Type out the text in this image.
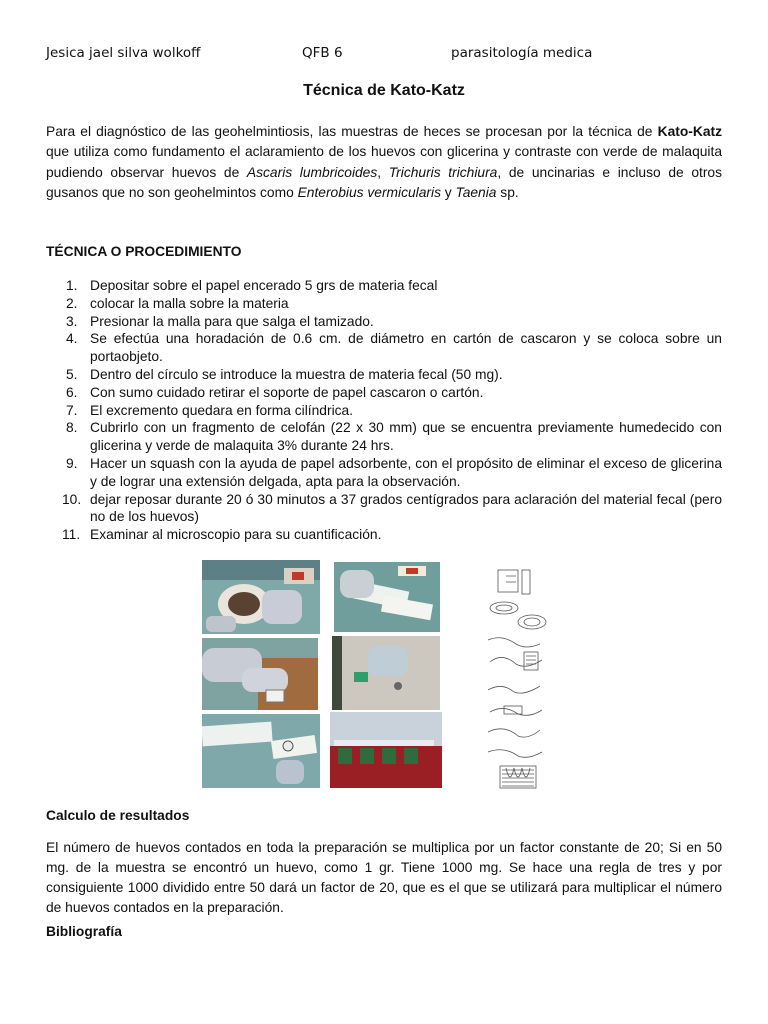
Jesica jael silva wolkoff	QFB 6	parasitología medica
Técnica de Kato-Katz

Para el diagnóstico de las geohelmintiosis, las muestras de heces se procesan por la técnica de Kato-Katz que utiliza como fundamento el aclaramiento de los huevos con glicerina y contraste con verde de malaquita pudiendo observar huevos de Ascaris lumbricoides, Trichuris trichiura, de uncinarias e incluso de otros gusanos que no son geohelmintos como Enterobius vermicularis y Taenia sp.

TÉCNICA O PROCEDIMIENTO
1. Depositar sobre el papel encerado 5 grs de materia fecal
2. colocar la malla sobre la materia
3. Presionar la malla para que salga el tamizado.
4. Se efectúa una horadación de 0.6 cm. de diámetro en cartón de cascaron y se coloca sobre un portaobjeto.
5. Dentro del círculo se introduce la muestra de materia fecal (50 mg).
6. Con sumo cuidado retirar el soporte de papel cascaron o cartón.
7. El excremento quedara en forma cilíndrica.
8. Cubrirlo con un fragmento de celofán (22 x 30 mm) que se encuentra previamente humedecido con glicerina y verde de malaquita 3% durante 24 hrs.
9. Hacer un squash con la ayuda de papel adsorbente, con el propósito de eliminar el exceso de glicerina y de lograr una extensión delgada, apta para la observación.
10. dejar reposar durante 20 ó 30 minutos a 37 grados centígrados para aclaración del material fecal (pero no de los huevos)
11. Examinar al microscopio para su cuantificación.
Calculo de resultados

El número de huevos contados en toda la preparación se multiplica por un factor constante de 20; Si en 50 mg. de la muestra se encontró un huevo, como 1 gr. Tiene 1000 mg. Se hace una regla de tres y por consiguiente 1000 dividido entre 50 dará un factor de 20, que es el que se utilizará para multiplicar el número de huevos contados en la preparación.

Bibliografía
